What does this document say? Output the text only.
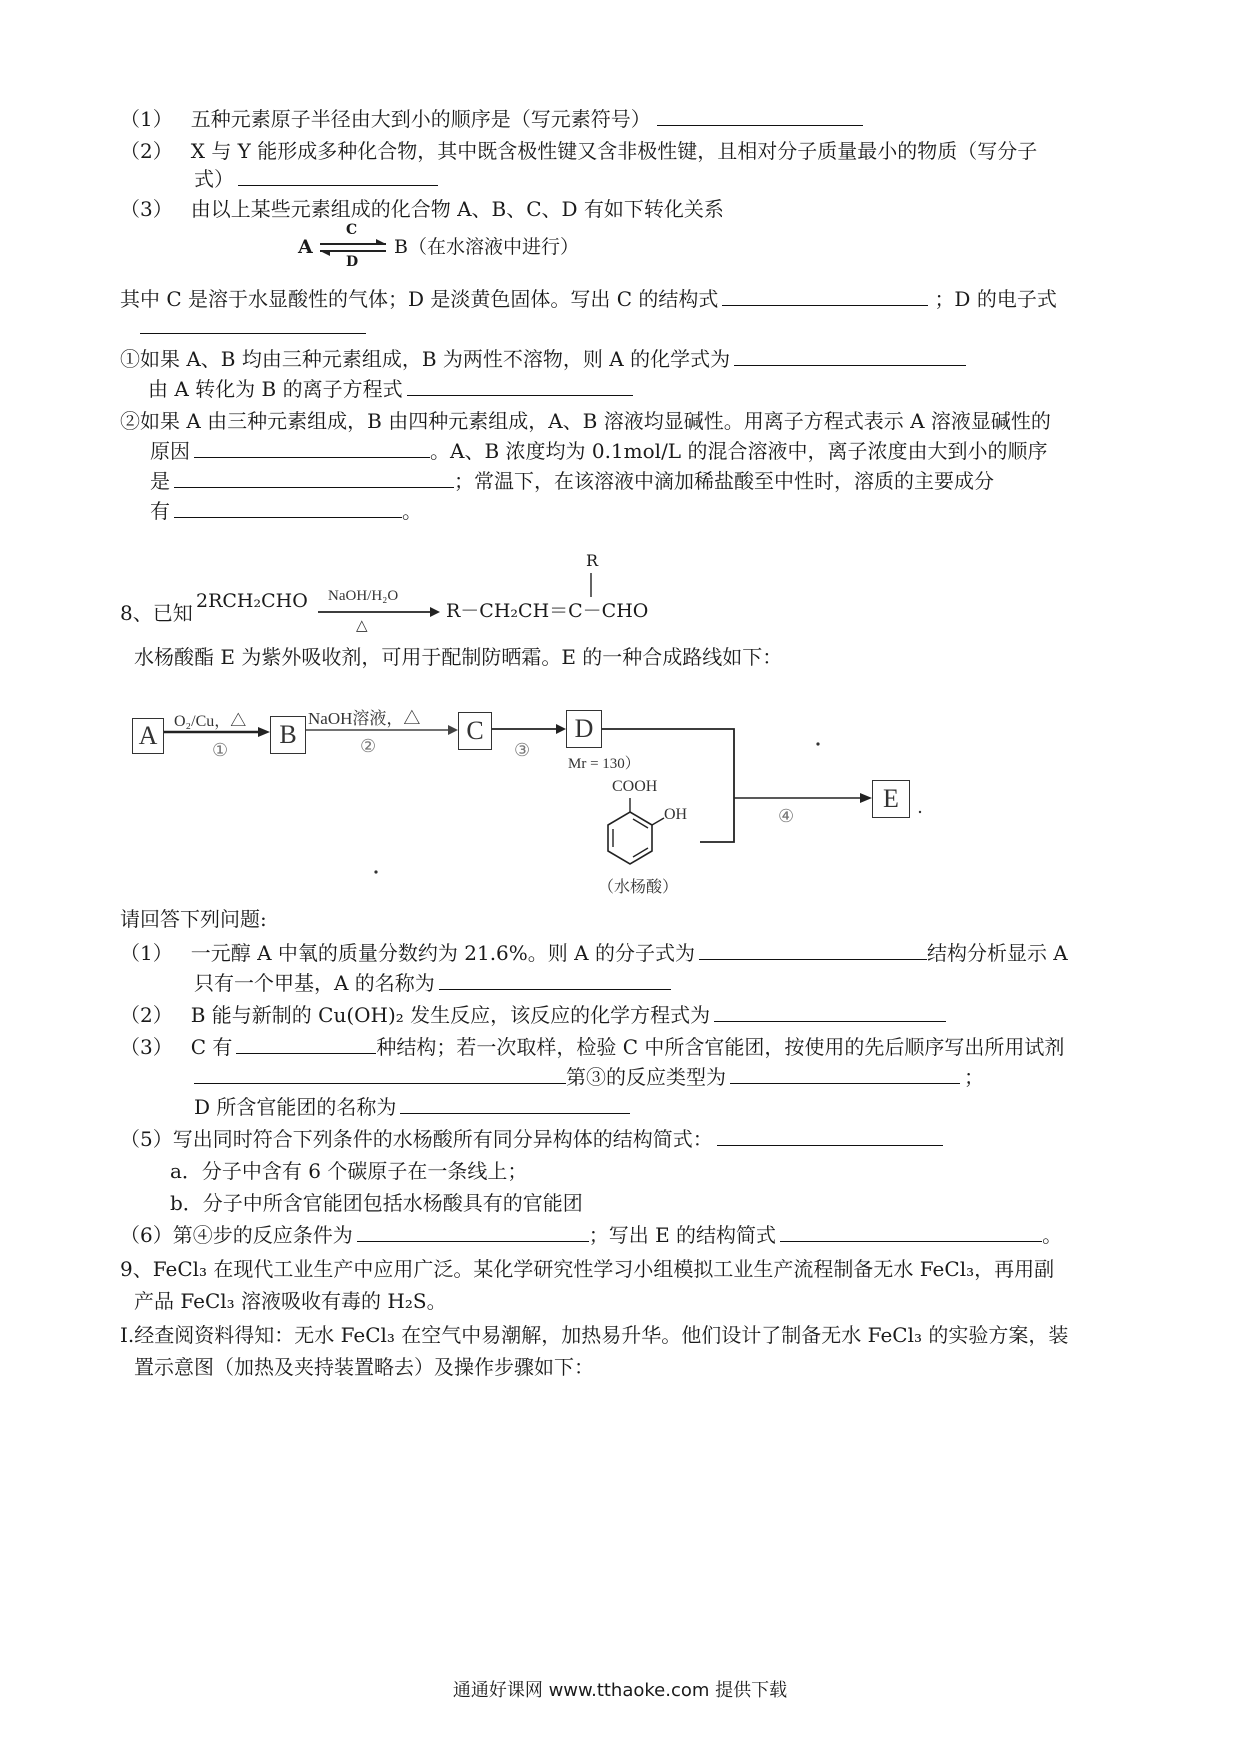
（1） 五种元素原子半径由大到小的顺序是（写元素符号）
（2） X 与 Y 能形成多种化合物，其中既含极性键又含非极性键，且相对分子质量最小的物质（写分子
式）
（3） 由以上某些元素组成的化合物 A、B、C、D 有如下转化关系
A
C
D
B（在水溶液中进行）
其中 C 是溶于水显酸性的气体；D 是淡黄色固体。写出 C 的结构式	；D 的电子式
①如果 A、B 均由三种元素组成，B 为两性不溶物，则 A 的化学式为
由 A 转化为 B 的离子方程式
②如果 A 由三种元素组成，B 由四种元素组成，A、B 溶液均显碱性。用离子方程式表示 A 溶液显碱性的
原因	。A、B 浓度均为 0.1mol/L 的混合溶液中，离子浓度由大到小的顺序
是	；常温下，在该溶液中滴加稀盐酸至中性时，溶质的主要成分
有	。
8、已知 2RCH₂CHO NaOH/H₂O
△
R
R－CH₂CH＝C－CHO
水杨酸酯 E 为紫外吸收剂，可用于配制防晒霜。E 的一种合成路线如下：
A	B	C	D
E
O₂/Cu，△
①
NaOH溶液，△
②	③
Mr = 130）
④
COOH
OH
（水杨酸）
请回答下列问题:
（1） 一元醇 A 中氧的质量分数约为 21.6%。则 A 的分子式为	结构分析显示 A
只有一个甲基，A 的名称为
（2） B 能与新制的 Cu(OH)₂ 发生反应，该反应的化学方程式为
（3） C 有	种结构；若一次取样，检验 C 中所含官能团，按使用的先后顺序写出所用试剂
第③的反应类型为	；
D 所含官能团的名称为
（5）写出同时符合下列条件的水杨酸所有同分异构体的结构简式：
a．分子中含有 6 个碳原子在一条线上；
b．分子中所含官能团包括水杨酸具有的官能团
（6）第④步的反应条件为	；写出 E 的结构简式	。
9、FeCl₃ 在现代工业生产中应用广泛。某化学研究性学习小组模拟工业生产流程制备无水 FeCl₃，再用副
产品 FeCl₃ 溶液吸收有毒的 H₂S。
I.经查阅资料得知：无水 FeCl₃ 在空气中易潮解，加热易升华。他们设计了制备无水 FeCl₃ 的实验方案，装
置示意图（加热及夹持装置略去）及操作步骤如下：
通通好课网 www.tthaoke.com 提供下载
